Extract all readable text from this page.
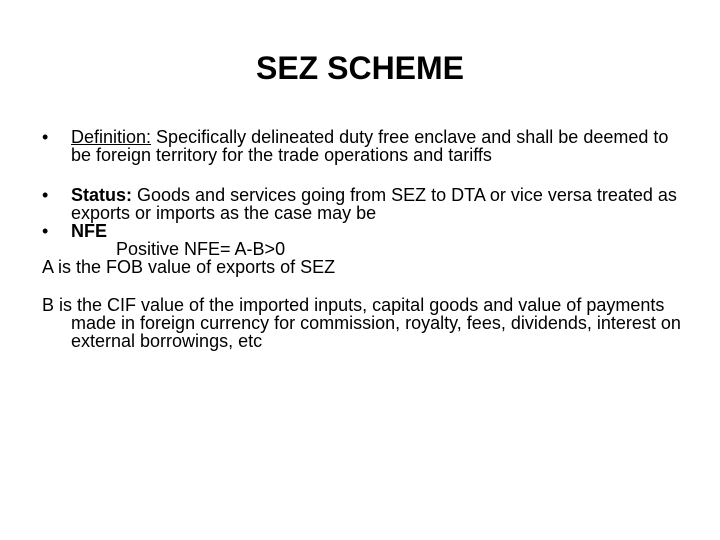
SEZ SCHEME
•	Definition: Specifically delineated duty free enclave and shall be deemed to be foreign territory for the trade operations and tariffs
•	Status: Goods and services going from SEZ to DTA or vice versa treated as exports or imports as the case may be
•	NFE
Positive NFE= A-B>0
A is the FOB value of exports of SEZ
B is the CIF value of the imported inputs, capital goods and value of payments made in foreign currency for commission, royalty, fees, dividends, interest on external borrowings, etc
